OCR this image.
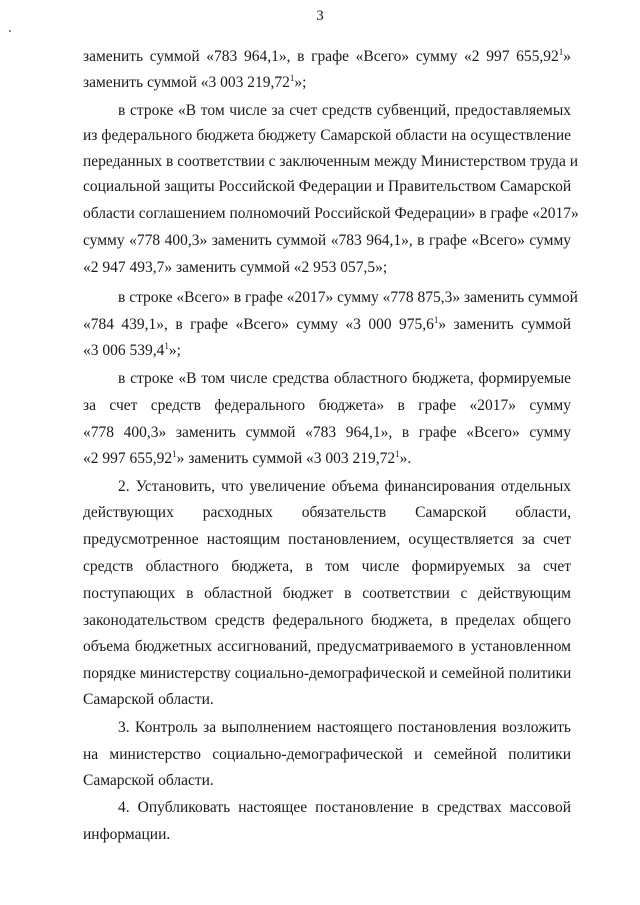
3
заменить суммой «783 964,1», в графе «Всего» сумму «2 997 655,92$^1$»
заменить суммой «3 003 219,72$^1$»;
в строке «В том числе за счет средств субвенций, предоставляемых
из федерального бюджета бюджету Самарской области на осуществление
переданных в соответствии с заключенным между Министерством труда и
социальной защиты Российской Федерации и Правительством Самарской
области соглашением полномочий Российской Федерации» в графе «2017»
сумму «778 400,3» заменить суммой «783 964,1», в графе «Всего» сумму
«2 947 493,7» заменить суммой «2 953 057,5»;
в строке «Всего» в графе «2017» сумму «778 875,3» заменить суммой
«784 439,1», в графе «Всего» сумму «3 000 975,6$^1$» заменить суммой
«3 006 539,4$^1$»;
в строке «В том числе средства областного бюджета, формируемые
за счет средств федерального бюджета» в графе «2017» сумму
«778 400,3» заменить суммой «783 964,1», в графе «Всего» сумму
«2 997 655,92$^1$» заменить суммой «3 003 219,72$^1$».
2. Установить, что увеличение объема финансирования отдельных
действующих расходных обязательств Самарской области,
предусмотренное настоящим постановлением, осуществляется за счет
средств областного бюджета, в том числе формируемых за счет
поступающих в областной бюджет в соответствии с действующим
законодательством средств федерального бюджета, в пределах общего
объема бюджетных ассигнований, предусматриваемого в установленном
порядке министерству социально-демографической и семейной политики
Самарской области.
3. Контроль за выполнением настоящего постановления возложить
на министерство социально-демографической и семейной политики
Самарской области.
4. Опубликовать настоящее постановление в средствах массовой
информации.
